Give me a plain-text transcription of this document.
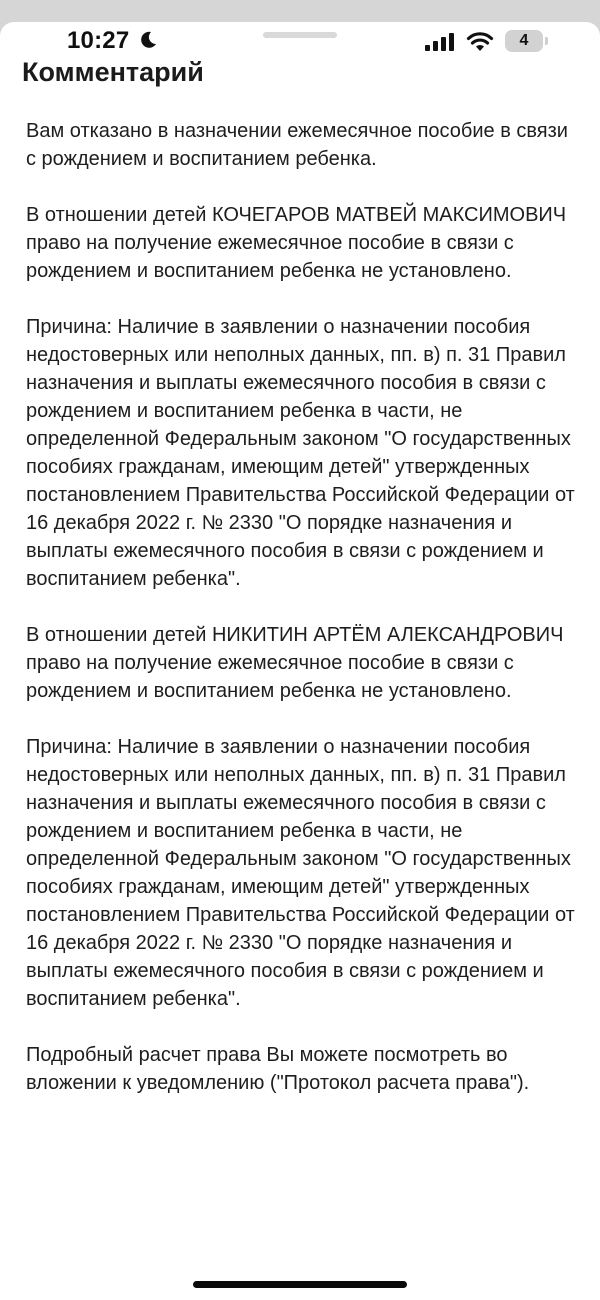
10:27	4
Комментарий

Вам отказано в назначении ежемесячное пособие в связи с рождением и воспитанием ребенка.

В отношении детей КОЧЕГАРОВ МАТВЕЙ МАКСИМОВИЧ право на получение ежемесячное пособие в связи с рождением и воспитанием ребенка не установлено.

Причина: Наличие в заявлении о назначении пособия недостоверных или неполных данных, пп. в) п. 31 Правил назначения и выплаты ежемесячного пособия в связи с рождением и воспитанием ребенка в части, не определенной Федеральным законом "О государственных пособиях гражданам, имеющим детей" утвержденных постановлением Правительства Российской Федерации от 16 декабря 2022 г. № 2330 "О порядке назначения и выплаты ежемесячного пособия в связи с рождением и воспитанием ребенка".

В отношении детей НИКИТИН АРТЁМ АЛЕКСАНДРОВИЧ право на получение ежемесячное пособие в связи с рождением и воспитанием ребенка не установлено.

Причина: Наличие в заявлении о назначении пособия недостоверных или неполных данных, пп. в) п. 31 Правил назначения и выплаты ежемесячного пособия в связи с рождением и воспитанием ребенка в части, не определенной Федеральным законом "О государственных пособиях гражданам, имеющим детей" утвержденных постановлением Правительства Российской Федерации от 16 декабря 2022 г. № 2330 "О порядке назначения и выплаты ежемесячного пособия в связи с рождением и воспитанием ребенка".

Подробный расчет права Вы можете посмотреть во вложении к уведомлению ("Протокол расчета права").
